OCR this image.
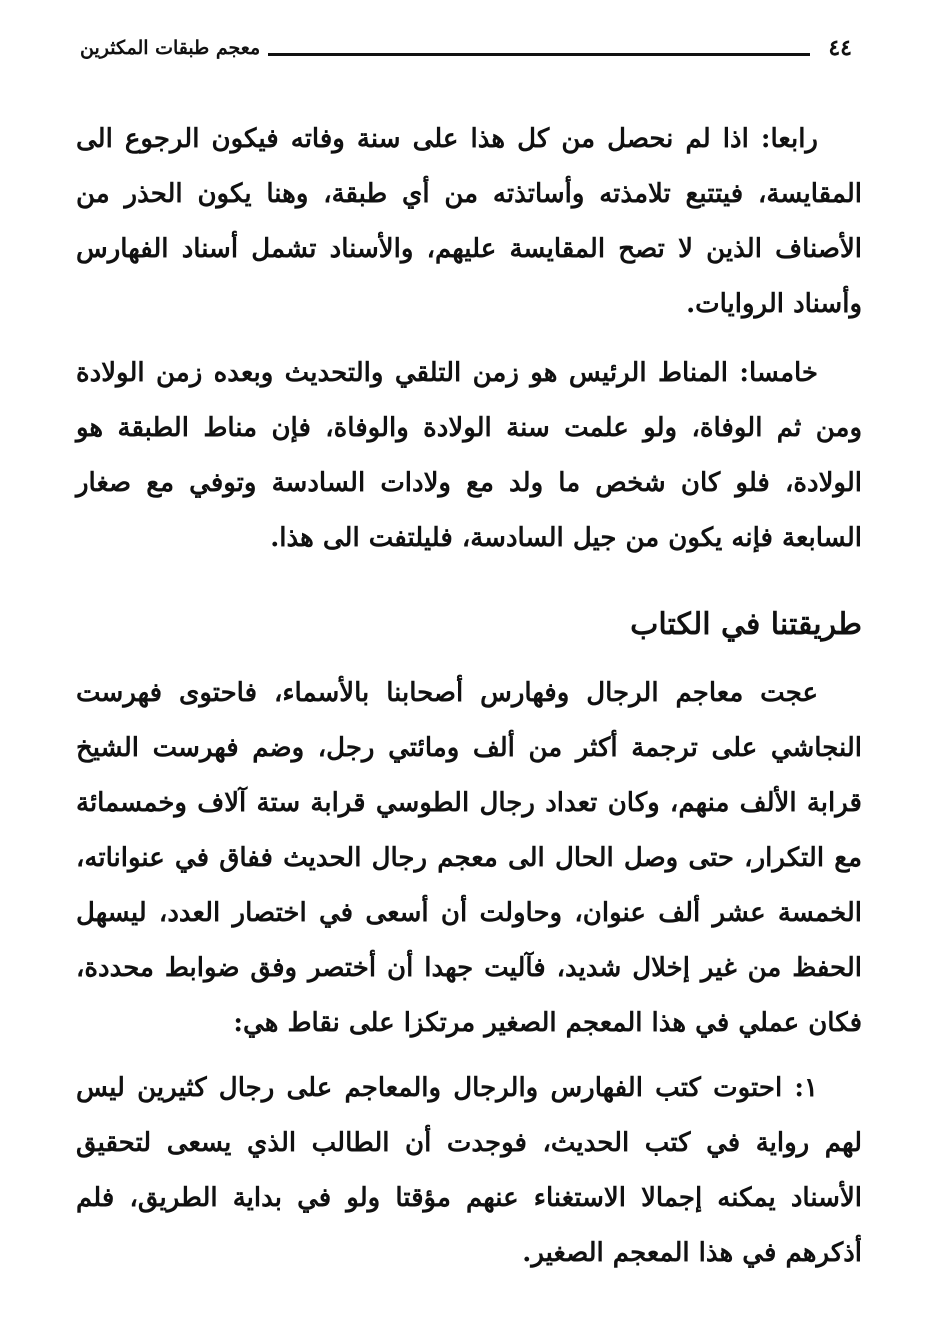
٤٤
معجم طبقات المكثرين

رابعا: اذا لم نحصل من كل هذا على سنة وفاته فيكون الرجوع الى المقايسة، فيتتبع تلامذته وأساتذته من أي طبقة، وهنا يكون الحذر من الأصناف الذين لا تصح المقايسة عليهم، والأسناد تشمل أسناد الفهارس وأسناد الروايات.

خامسا: المناط الرئيس هو زمن التلقي والتحديث وبعده زمن الولادة ومن ثم الوفاة، ولو علمت سنة الولادة والوفاة، فإن مناط الطبقة هو الولادة، فلو كان شخص ما ولد مع ولادات السادسة وتوفي مع صغار السابعة فإنه يكون من جيل السادسة، فليلتفت الى هذا.

طريقتنا في الكتاب

عجت معاجم الرجال وفهارس أصحابنا بالأسماء، فاحتوى فهرست النجاشي على ترجمة أكثر من ألف ومائتي رجل، وضم فهرست الشيخ قرابة الألف منهم، وكان تعداد رجال الطوسي قرابة ستة آلاف وخمسمائة مع التكرار، حتى وصل الحال الى معجم رجال الحديث ففاق في عنواناته، الخمسة عشر ألف عنوان، وحاولت أن أسعى في اختصار العدد، ليسهل الحفظ من غير إخلال شديد، فآليت جهدا أن أختصر وفق ضوابط محددة، فكان عملي في هذا المعجم الصغير مرتكزا على نقاط هي:

١: احتوت كتب الفهارس والرجال والمعاجم على رجال كثيرين ليس لهم رواية في كتب الحديث، فوجدت أن الطالب الذي يسعى لتحقيق الأسناد يمكنه إجمالا الاستغناء عنهم مؤقتا ولو في بداية الطريق، فلم أذكرهم في هذا المعجم الصغير.
